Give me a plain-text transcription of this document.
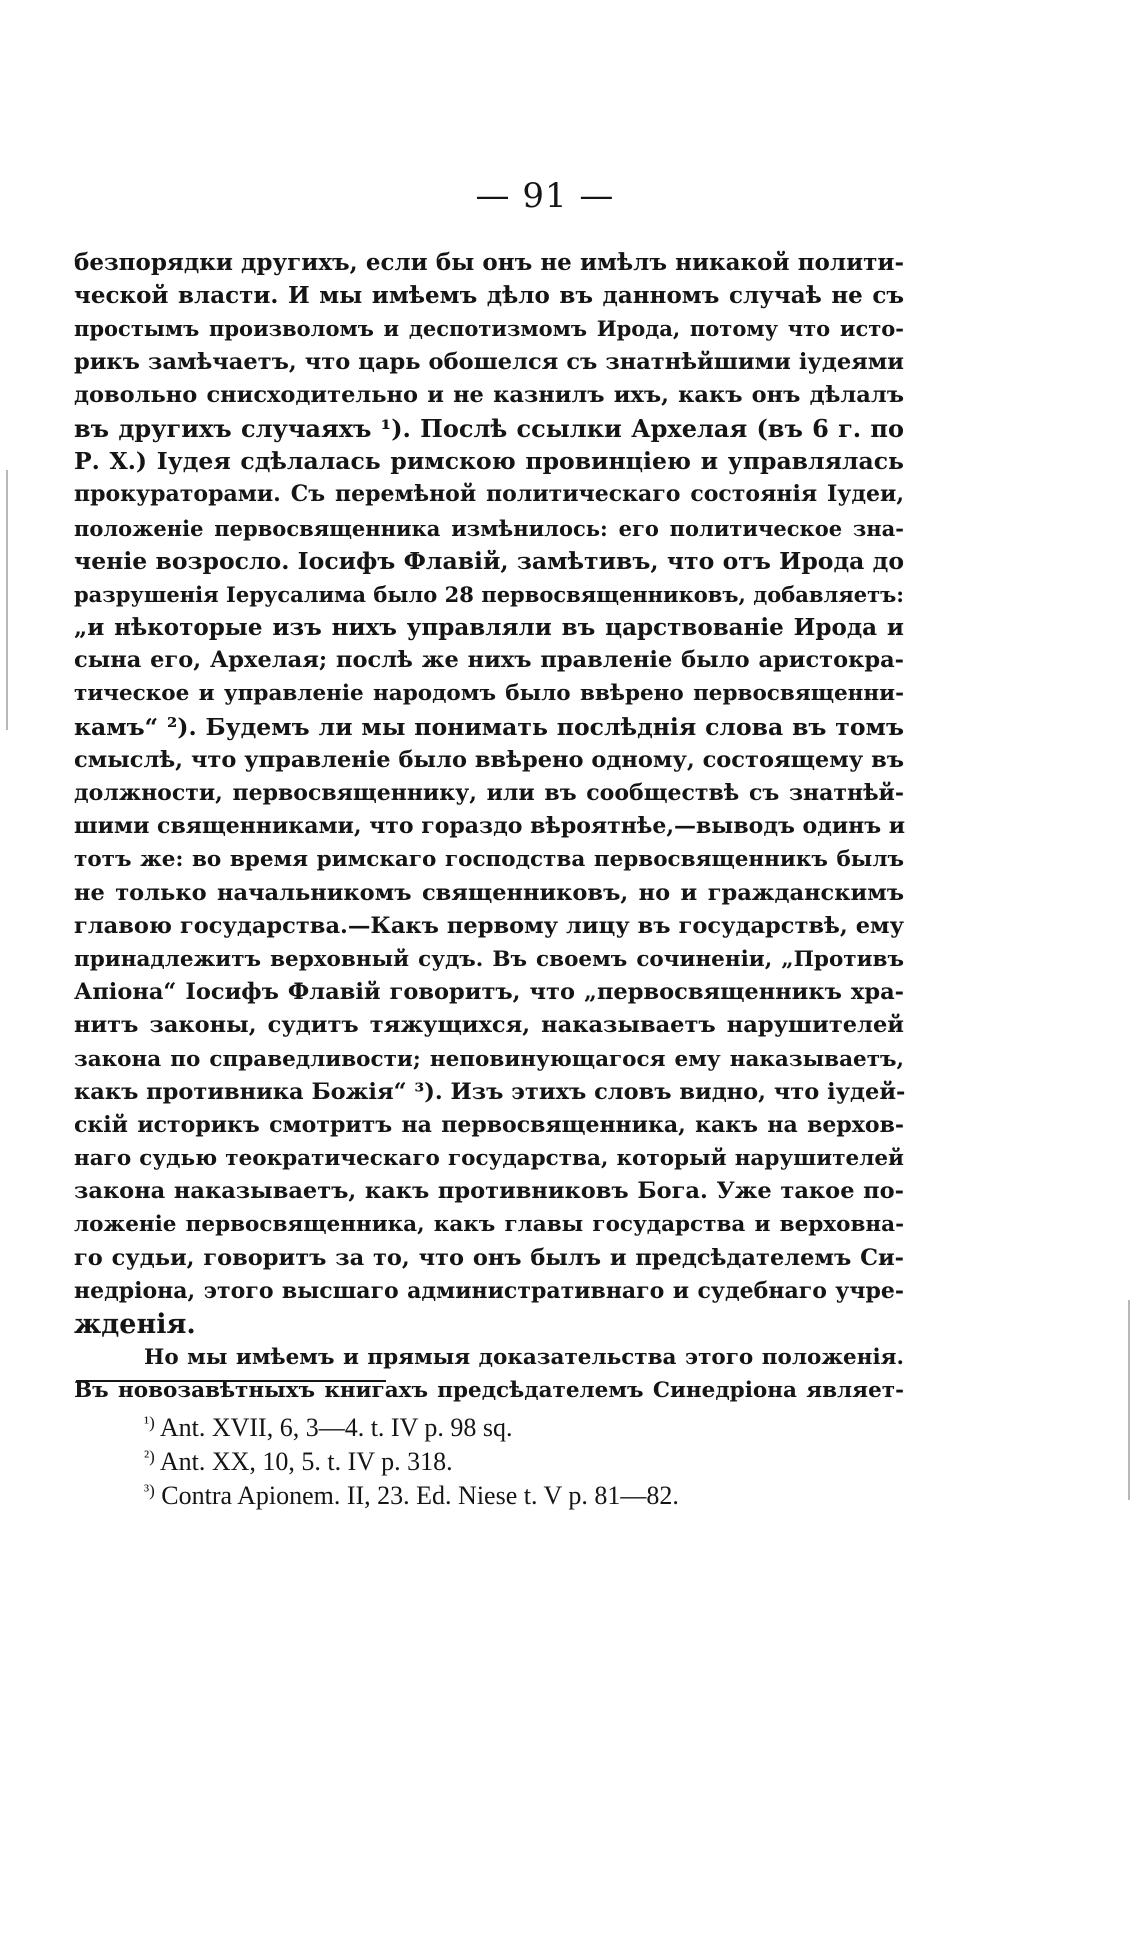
— 91 —
безпорядки другихъ, если бы онъ не имѣлъ никакой полити-
ческой власти. И мы имѣемъ дѣло въ данномъ случаѣ не съ
простымъ произволомъ и деспотизмомъ Ирода, потому что исто-
рикъ замѣчаетъ, что царь обошелся съ знатнѣйшими іудеями
довольно снисходительно и не казнилъ ихъ, какъ онъ дѣлалъ
въ другихъ случаяхъ ¹). Послѣ ссылки Архелая (въ 6 г. по
Р. Х.) Іудея сдѣлалась римскою провинціею и управлялась
прокураторами. Съ перемѣной политическаго состоянія Іудеи,
положеніе первосвященника измѣнилось: его политическое зна-
ченіе возросло. Іосифъ Флавій, замѣтивъ, что отъ Ирода до
разрушенія Іерусалима было 28 первосвященниковъ, добавляетъ:
„и нѣкоторые изъ нихъ управляли въ царствованіе Ирода и
сына его, Архелая; послѣ же нихъ правленіе было аристокра-
тическое и управленіе народомъ было ввѣрено первосвященни-
камъ“ ²). Будемъ ли мы понимать послѣднія слова въ томъ
смыслѣ, что управленіе было ввѣрено одному, состоящему въ
должности, первосвященнику, или въ сообществѣ съ знатнѣй-
шими священниками, что гораздо вѣроятнѣе,—выводъ одинъ и
тотъ же: во время римскаго господства первосвященникъ былъ
не только начальникомъ священниковъ, но и гражданскимъ
главою государства.—Какъ первому лицу въ государствѣ, ему
принадлежитъ верховный судъ. Въ своемъ сочиненіи, „Противъ
Апіона“ Іосифъ Флавій говоритъ, что „первосвященникъ хра-
нитъ законы, судитъ тяжущихся, наказываетъ нарушителей
закона по справедливости; неповинующагося ему наказываетъ,
какъ противника Божія“ ³). Изъ этихъ словъ видно, что іудей-
скій историкъ смотритъ на первосвященника, какъ на верхов-
наго судью теократическаго государства, который нарушителей
закона наказываетъ, какъ противниковъ Бога. Уже такое по-
ложеніе первосвященника, какъ главы государства и верховна-
го судьи, говоритъ за то, что онъ былъ и предсѣдателемъ Си-
недріона, этого высшаго административнаго и судебнаго учре-
жденія.
Но мы имѣемъ и прямыя доказательства этого положенія.
Въ новозавѣтныхъ книгахъ предсѣдателемъ Синедріона являет-
$^{^1)}$ Ant. XVII, 6, 3—4. t. IV p. 98 sq.
$^{^2)}$ Ant. XX, 10, 5. t. IV p. 318.
$^{^3)}$ Contra Apionem. II, 23. Ed. Niese t. V p. 81—82.
